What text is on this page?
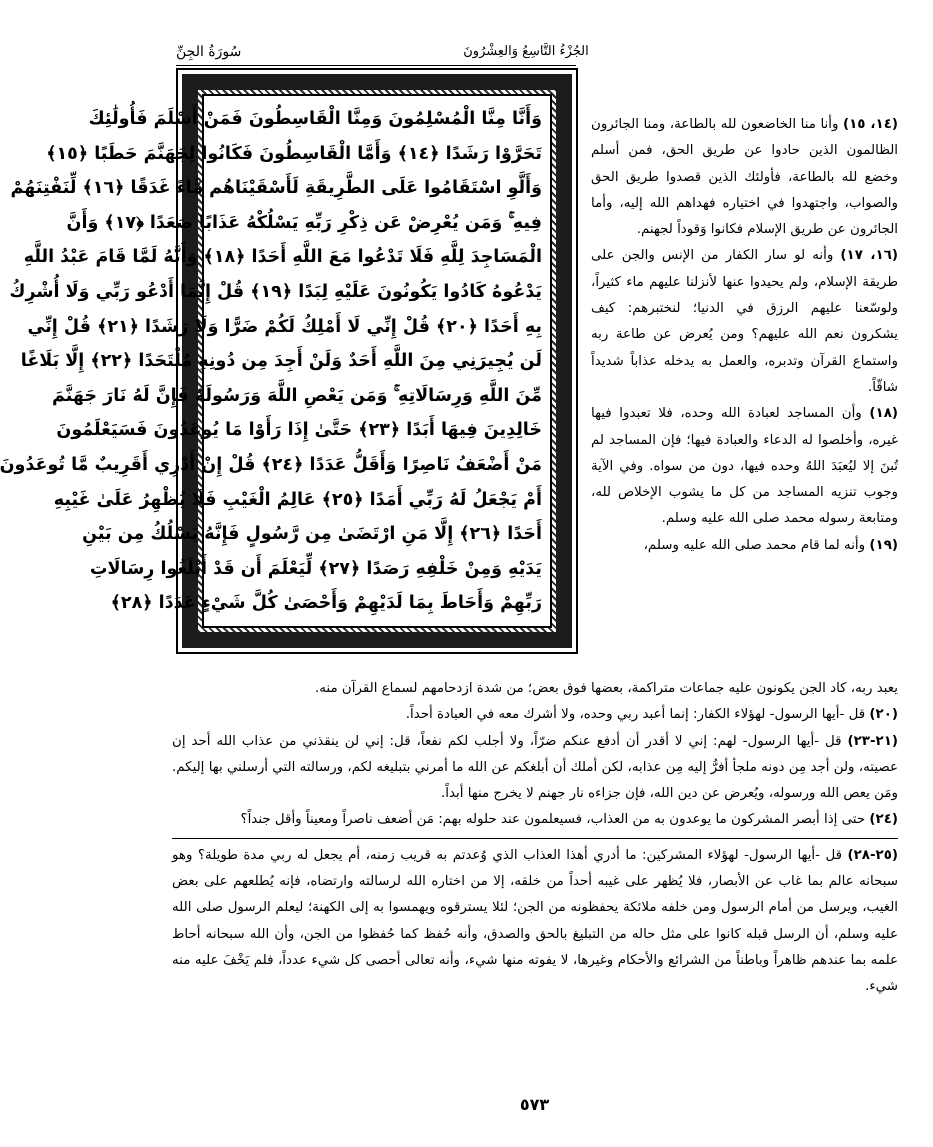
سُورَةُ الجِنِّ	الجُزْءُ التَّاسِعُ وَالعِشْرُونَ
وَأَنَّا مِنَّا الْمُسْلِمُونَ وَمِنَّا الْقَاسِطُونَ فَمَنْ أَسْلَمَ فَأُولَٰئِكَ
تَحَرَّوْا رَشَدًا ﴿١٤﴾ وَأَمَّا الْقَاسِطُونَ فَكَانُوا لِجَهَنَّمَ حَطَبًا ﴿١٥﴾
وَأَلَّوِ اسْتَقَامُوا عَلَى الطَّرِيقَةِ لَأَسْقَيْنَاهُم مَّاءً غَدَقًا ﴿١٦﴾ لِّنَفْتِنَهُمْ
فِيهِ ۚ وَمَن يُعْرِضْ عَن ذِكْرِ رَبِّهِ يَسْلُكْهُ عَذَابًا صَعَدًا ﴿١٧﴾ وَأَنَّ
الْمَسَاجِدَ لِلَّهِ فَلَا تَدْعُوا مَعَ اللَّهِ أَحَدًا ﴿١٨﴾ وَأَنَّهُ لَمَّا قَامَ عَبْدُ اللَّهِ
يَدْعُوهُ كَادُوا يَكُونُونَ عَلَيْهِ لِبَدًا ﴿١٩﴾ قُلْ إِنَّمَا أَدْعُو رَبِّي وَلَا أُشْرِكُ
بِهِ أَحَدًا ﴿٢٠﴾ قُلْ إِنِّي لَا أَمْلِكُ لَكُمْ ضَرًّا وَلَا رَشَدًا ﴿٢١﴾ قُلْ إِنِّي
لَن يُجِيرَنِي مِنَ اللَّهِ أَحَدٌ وَلَنْ أَجِدَ مِن دُونِهِ مُلْتَحَدًا ﴿٢٢﴾ إِلَّا بَلَاغًا
مِّنَ اللَّهِ وَرِسَالَاتِهِ ۚ وَمَن يَعْصِ اللَّهَ وَرَسُولَهُ فَإِنَّ لَهُ نَارَ جَهَنَّمَ
خَالِدِينَ فِيهَا أَبَدًا ﴿٢٣﴾ حَتَّىٰ إِذَا رَأَوْا مَا يُوعَدُونَ فَسَيَعْلَمُونَ
مَنْ أَضْعَفُ نَاصِرًا وَأَقَلُّ عَدَدًا ﴿٢٤﴾ قُلْ إِنْ أَدْرِي أَقَرِيبٌ مَّا تُوعَدُونَ
أَمْ يَجْعَلُ لَهُ رَبِّي أَمَدًا ﴿٢٥﴾ عَالِمُ الْغَيْبِ فَلَا يُظْهِرُ عَلَىٰ غَيْبِهِ
أَحَدًا ﴿٢٦﴾ إِلَّا مَنِ ارْتَضَىٰ مِن رَّسُولٍ فَإِنَّهُ يَسْلُكُ مِن بَيْنِ
يَدَيْهِ وَمِنْ خَلْفِهِ رَصَدًا ﴿٢٧﴾ لِّيَعْلَمَ أَن قَدْ أَبْلَغُوا رِسَالَاتِ
رَبِّهِمْ وَأَحَاطَ بِمَا لَدَيْهِمْ وَأَحْصَىٰ كُلَّ شَيْءٍ عَدَدًا ﴿٢٨﴾

(١٤، ١٥) وأنا منا الخاضعون لله بالطاعة، ومنا الجائرون الظالمون الذين حادوا عن طريق الحق، فمن أسلم وخضع لله بالطاعة، فأولئك الذين قصدوا طريق الحق والصواب، واجتهدوا في اختياره فهداهم الله إليه، وأما الجائرون عن طريق الإسلام فكانوا وَقوداً لجهنم.

(١٦، ١٧) وأنه لو سار الكفار من الإنس والجن على طريقة الإسلام، ولم يحيدوا عنها لأنزلنا عليهم ماء كثيراً، ولوسّعنا عليهم الرزق في الدنيا؛ لنختبرهم: كيف يشكرون نعم الله عليهم؟ ومن يُعرض عن طاعة ربه واستماع القرآن وتدبره، والعمل به يدخله عذاباً شديداً شاقّاً.

(١٨) وأن المساجد لعبادة الله وحده، فلا تعبدوا فيها غيره، وأخلصوا له الدعاء والعبادة فيها؛ فإن المساجد لم تُبنَ إلا ليُعبَدَ اللهُ وحده فيها، دون من سواه. وفي الآية وجوب تنزيه المساجد من كل ما يشوب الإخلاص لله، ومتابعة رسوله محمد صلى الله عليه وسلم.

(١٩) وأنه لما قام محمد صلى الله عليه وسلم،

يعبد ربه، كاد الجن يكونون عليه جماعات متراكمة، بعضها فوق بعض؛ من شدة ازدحامهم لسماع القرآن منه.

(٢٠) قل -أيها الرسول- لهؤلاء الكفار: إنما أعبد ربي وحده، ولا أشرك معه في العبادة أحداً.

(٢١-٢٣) قل -أيها الرسول- لهم: إني لا أقدر أن أدفع عنكم ضرّاً، ولا أجلب لكم نفعاً، قل: إني لن ينقذني من عذاب الله أحد إن عصيته، ولن أجد مِن دونه ملجأ أفرُّ إليه مِن عذابه، لكن أملك أن أبلغكم عن الله ما أمرني بتبليغه لكم، ورسالته التي أرسلني بها إليكم. ومَن يعص الله ورسوله، ويُعرض عن دين الله، فإن جزاءه نار جهنم لا يخرج منها أبداً.

(٢٤) حتى إذا أبصر المشركون ما يوعدون به من العذاب، فسيعلمون عند حلوله بهم: مَن أضعف ناصراً ومعيناً وأقل جنداً؟

(٢٥-٢٨) قل -أيها الرسول- لهؤلاء المشركين: ما أدري أهذا العذاب الذي وُعدتم به قريب زمنه، أم يجعل له ربي مدة طويلة؟ وهو سبحانه عالم بما غاب عن الأبصار، فلا يُظهر على غيبه أحداً من خلقه، إلا من اختاره الله لرسالته وارتضاه، فإنه يُطلعهم على بعض الغيب، ويرسل من أمام الرسول ومن خلفه ملائكة يحفظونه من الجن؛ لئلا يسترقوه ويهمسوا به إلى الكهنة؛ ليعلم الرسول صلى الله عليه وسلم، أن الرسل قبله كانوا على مثل حاله من التبليغ بالحق والصدق، وأنه حُفظ كما حُفظوا من الجن، وأن الله سبحانه أحاط علمه بما عندهم ظاهراً وباطناً من الشرائع والأحكام وغيرها، لا يفوته منها شيء، وأنه تعالى أحصى كل شيء عدداً، فلم يَخْفَ عليه منه شيء.

٥٧٣
